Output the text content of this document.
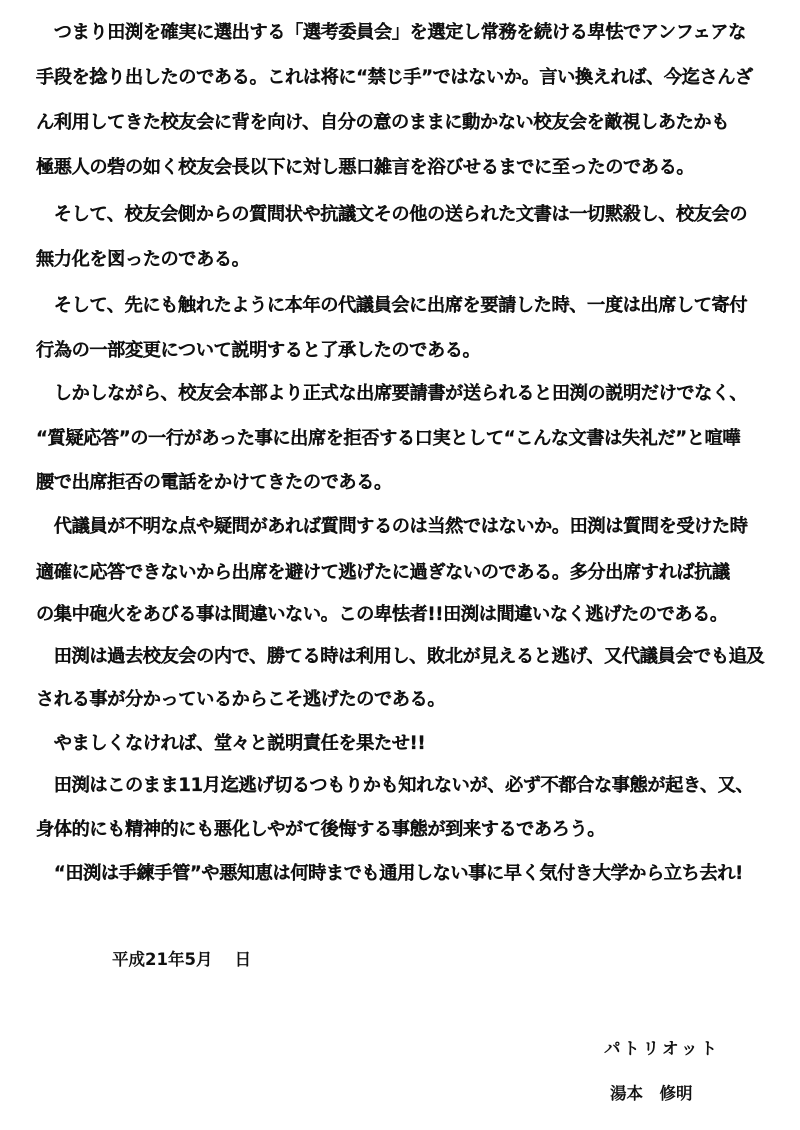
　つまり田渕を確実に選出する「選考委員会」を選定し常務を続ける卑怯でアンフェアな
手段を捻り出したのである。これは将に“禁じ手”ではないか。言い換えれば、今迄さんざ
ん利用してきた校友会に背を向け、自分の意のままに動かない校友会を敵視しあたかも
極悪人の砦の如く校友会長以下に対し悪口雑言を浴びせるまでに至ったのである。
　そして、校友会側からの質問状や抗議文その他の送られた文書は一切黙殺し、校友会の
無力化を図ったのである。
　そして、先にも触れたように本年の代議員会に出席を要請した時、一度は出席して寄付
行為の一部変更について説明すると了承したのである。
　しかしながら、校友会本部より正式な出席要請書が送られると田渕の説明だけでなく、
“質疑応答”の一行があった事に出席を拒否する口実として“こんな文書は失礼だ”と喧嘩
腰で出席拒否の電話をかけてきたのである。
　代議員が不明な点や疑問があれば質問するのは当然ではないか。田渕は質問を受けた時
適確に応答できないから出席を避けて逃げたに過ぎないのである。多分出席すれば抗議
の集中砲火をあびる事は間違いない。この卑怯者!!田渕は間違いなく逃げたのである。
　田渕は過去校友会の内で、勝てる時は利用し、敗北が見えると逃げ、又代議員会でも追及
される事が分かっているからこそ逃げたのである。
　やましくなければ、堂々と説明責任を果たせ!!
　田渕はこのまま11月迄逃げ切るつもりかも知れないが、必ず不都合な事態が起き、又、
身体的にも精神的にも悪化しやがて後悔する事態が到来するであろう。
　“田渕は手練手管”や悪知恵は何時までも通用しない事に早く気付き大学から立ち去れ!
平成21年5月　 日
パトリオット
湯本　修明
